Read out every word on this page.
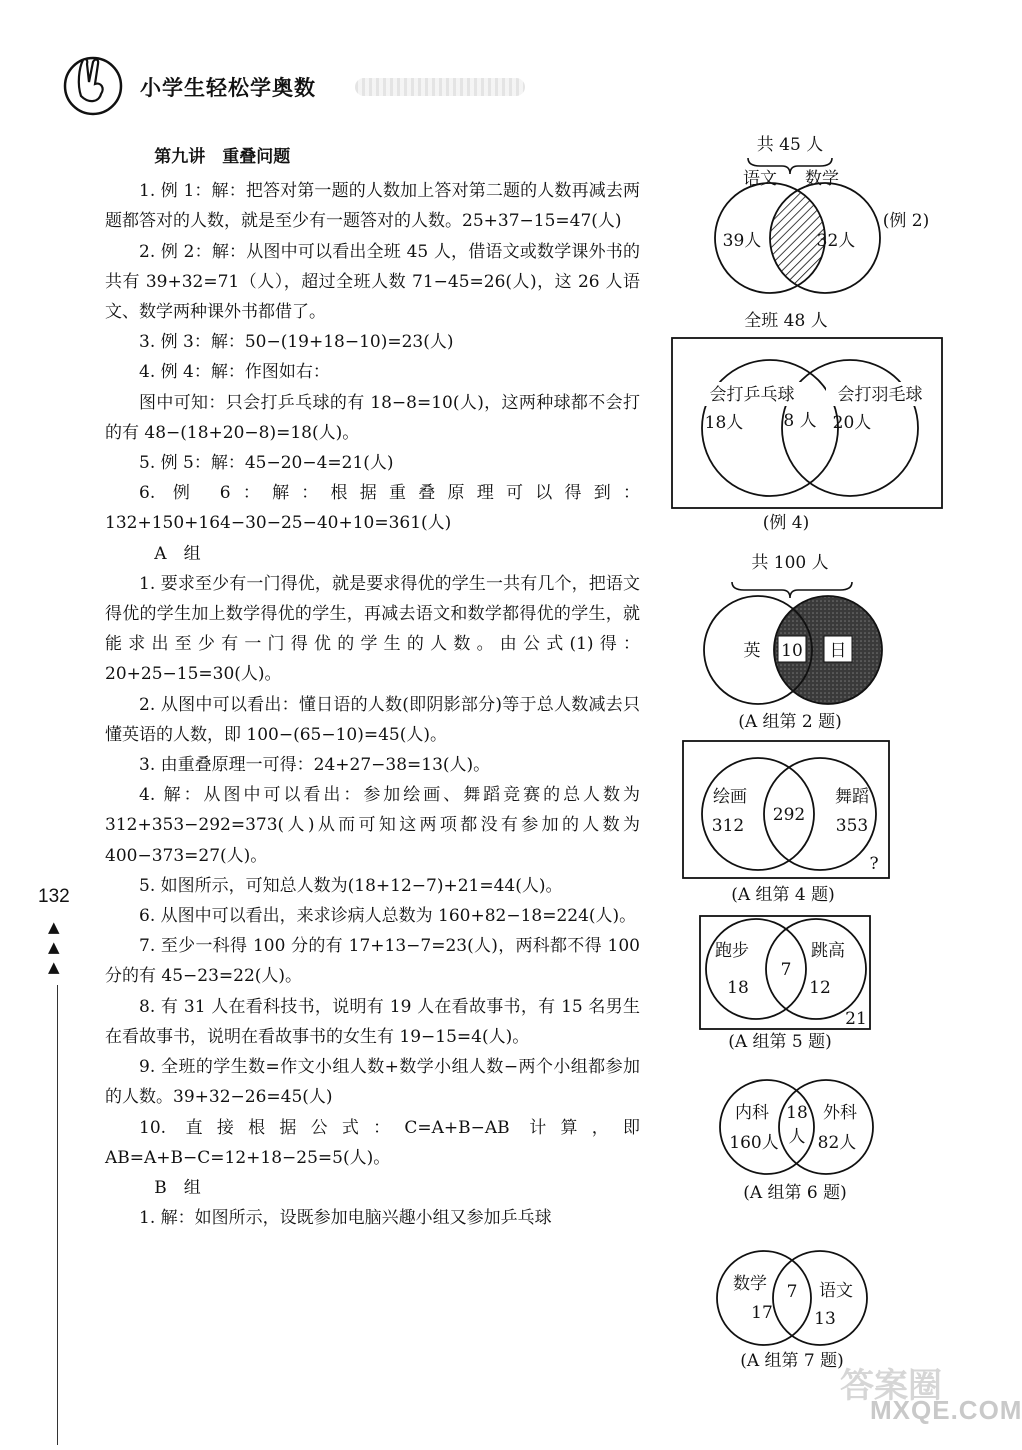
小学生轻松学奥数

第九讲　重叠问题

1. 例 1：解：把答对第一题的人数加上答对第二题的人数再减去两题都答对的人数，就是至少有一题答对的人数。25+37−15=47(人)

2. 例 2：解：从图中可以看出全班 45 人，借语文或数学课外书的共有 39+32=71（人），超过全班人数 71−45=26(人)，这 26 人语文、数学两种课外书都借了。

3. 例 3：解：50−(19+18−10)=23(人)

4. 例 4：解：作图如右：

图中可知：只会打乒乓球的有 18−8=10(人)，这两种球都不会打的有 48−(18+20−8)=18(人)。

5. 例 5：解：45−20−4=21(人)

6. 例 6：解：根据重叠原理可以得到：132+150+164−30−25−40+10=361(人)

A　组

1. 要求至少有一门得优，就是要求得优的学生一共有几个，把语文得优的学生加上数学得优的学生，再减去语文和数学都得优的学生，就能求出至少有一门得优的学生的人数。由公式(1)得：20+25−15=30(人)。

2. 从图中可以看出：懂日语的人数(即阴影部分)等于总人数减去只懂英语的人数，即 100−(65−10)=45(人)。

3. 由重叠原理一可得：24+27−38=13(人)。

4. 解：从图中可以看出：参加绘画、舞蹈竞赛的总人数为 312+353−292=373(人)从而可知这两项都没有参加的人数为 400−373=27(人)。

5. 如图所示，可知总人数为(18+12−7)+21=44(人)。

6. 从图中可以看出，来求诊病人总数为 160+82−18=224(人)。

7. 至少一科得 100 分的有 17+13−7=23(人)，两科都不得 100 分的有 45−23=22(人)。

8. 有 31 人在看科技书，说明有 19 人在看故事书，有 15 名男生在看故事书，说明在看故事书的女生有 19−15=4(人)。

9. 全班的学生数=作文小组人数+数学小组人数−两个小组都参加的人数。39+32−26=45(人)

10. 直接根据公式：C=A+B−AB 计算，即 AB=A+B−C=12+18−25=5(人)。

B　组

1. 解：如图所示，设既参加电脑兴趣小组又参加乒乓球

132
▲
▲
▲
共 45 人
语文 数学
39人	32人
(例 2)
全班 48 人
会打乒乓球	会打羽毛球
18人 8 人 20人
(例 4)
共 100 人
英 10 日
(A 组第 2 题)
绘画
312
292
舞蹈
353
?
(A 组第 4 题)
跑步
18
7
跳高
12
21
(A 组第 5 题)
内科
160人
18
人
外科
82人
(A 组第 6 题)
数学
17
7 语文
13
(A 组第 7 题)
答案圈
MXQE.COM
